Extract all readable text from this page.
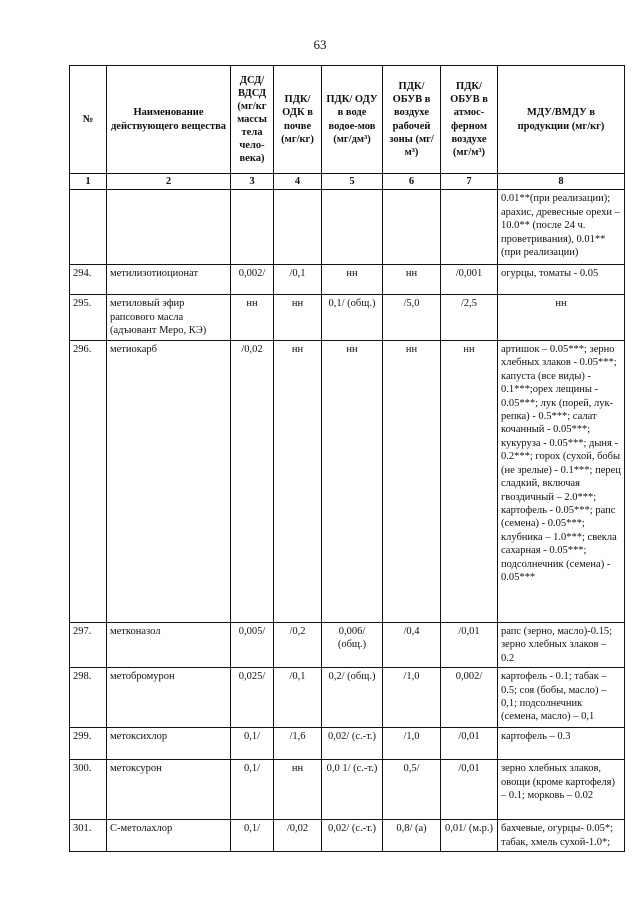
63
№	Наименование действующего вещества	ДСД/ ВДСД (мг/кг массы тела чело-века)	ПДК/ ОДК в почве (мг/кг)	ПДК/ ОДУ в воде водое-мов (мг/дм³)	ПДК/ ОБУВ в воздухе рабочей зоны (мг/м³)	ПДК/ ОБУВ в атмос-ферном воздухе (мг/м³)	МДУ/ВМДУ в продукции (мг/кг)
1	2	3	4	5	6	7	8
							0.01**(при реализации); арахис, древесные орехи – 10.0** (после 24 ч. проветривания), 0.01**(при реализации)
294.	метилизотиоционат	0,002/	/0,1	нн	нн	/0,001	огурцы, томаты - 0.05
295.	метиловый эфир рапсового масла (адъювант Меро, КЭ)	нн	нн	0,1/ (общ.)	/5,0	/2,5	нн
296.	метиокарб	/0,02	нн	нн	нн	нн	артишок – 0.05***; зерно хлебных злаков - 0.05***; капуста (все виды) - 0.1***;орех лещины - 0.05***; лук (порей, лук-репка) - 0.5***; салат кочанный - 0.05***; кукуруза - 0.05***; дыня - 0.2***; горох (сухой, бобы (не зрелые) - 0.1***; перец сладкий, включая гвоздичный – 2.0***; картофель - 0.05***; рапс (семена) - 0.05***; клубника – 1.0***; свекла сахарная - 0.05***; подсолнечник (семена) - 0.05***
297.	метконазол	0,005/	/0,2	0,006/ (общ.)	/0,4	/0,01	рапс (зерно, масло)-0.15; зерно хлебных злаков – 0.2
298.	метобромурон	0,025/	/0,1	0,2/ (общ.)	/1,0	0,002/	картофель - 0.1; табак – 0.5; соя (бобы, масло) – 0,1; подсолнечник (семена, масло) – 0,1
299.	метоксихлор	0,1/	/1,6	0,02/ (с.-т.)	/1,0	/0,01	картофель – 0.3
300.	метоксурон	0,1/	нн	0,0 1/ (с.-т.)	0,5/	/0,01	зерно хлебных злаков, овощи (кроме картофеля) – 0.1; морковь – 0.02
301.	С-метолахлор	0,1/	/0,02	0,02/ (с.-т.)	0,8/ (а)	0,01/ (м.р.)	бахчевые, огурцы- 0.05*; табак, хмель сухой-1.0*;
